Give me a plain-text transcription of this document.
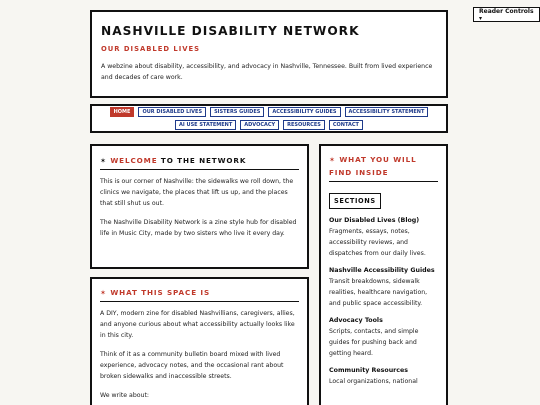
Reader Controls ▾
NASHVILLE DISABILITY NETWORK
OUR DISABLED LIVES

A webzine about disability, accessibility, and advocacy in Nashville, Tennessee. Built from lived experience and decades of care work.

HOME	OUR DISABLED LIVES	SISTERS GUIDES	ACCESSIBILITY GUIDES	ACCESSIBILITY STATEMENT
AI USE STATEMENT	ADVOCACY	RESOURCES	CONTACT
✶ WELCOME TO THE NETWORK

This is our corner of Nashville: the sidewalks we roll down, the clinics we navigate, the places that lift us up, and the places that still shut us out.

The Nashville Disability Network is a zine style hub for disabled life in Music City, made by two sisters who live it every day.

✶ WHAT THIS SPACE IS

A DIY, modern zine for disabled Nashvillians, caregivers, allies, and anyone curious about what accessibility actually looks like in this city.

Think of it as a community bulletin board mixed with lived experience, advocacy notes, and the occasional rant about broken sidewalks and inaccessible streets.

We write about:

✶ WHAT YOU WILL FIND INSIDE
SECTIONS
Our Disabled Lives (Blog)
Fragments, essays, notes, accessibility reviews, and dispatches from our daily lives.
Nashville Accessibility Guides
Transit breakdowns, sidewalk realities, healthcare navigation, and public space accessibility.
Advocacy Tools
Scripts, contacts, and simple guides for pushing back and getting heard.
Community Resources
Local organizations, national
